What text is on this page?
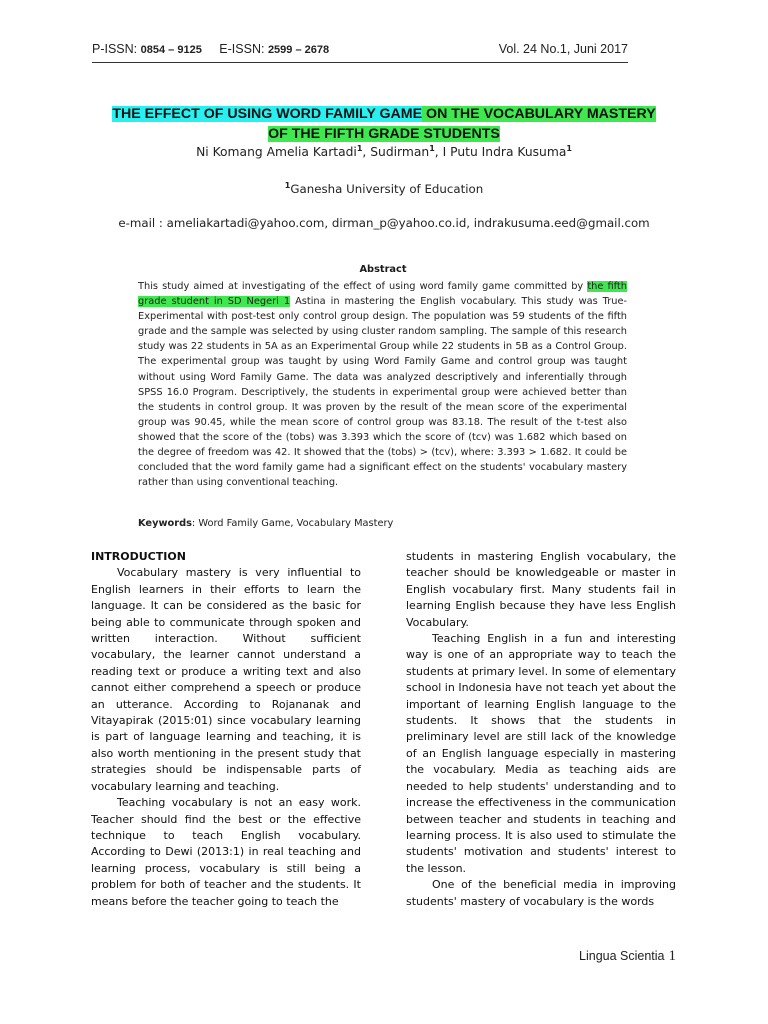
P-ISSN: 0854 – 9125 E-ISSN: 2599 – 2678	Vol. 24 No.1, Juni 2017
THE EFFECT OF USING WORD FAMILY GAME ON THE VOCABULARY MASTERY
OF THE FIFTH GRADE STUDENTS
Ni Komang Amelia Kartadi$^1$, Sudirman$^1$, I Putu Indra Kusuma$^1$
$^1$Ganesha University of Education
e-mail : ameliakartadi@yahoo.com, dirman_p@yahoo.co.id, indrakusuma.eed@gmail.com
Abstract
This study aimed at investigating of the effect of using word family game committed by the fifth grade student in SD Negeri 1 Astina in mastering the English vocabulary. This study was True-Experimental with post-test only control group design. The population was 59 students of the fifth grade and the sample was selected by using cluster random sampling. The sample of this research study was 22 students in 5A as an Experimental Group while 22 students in 5B as a Control Group. The experimental group was taught by using Word Family Game and control group was taught without using Word Family Game. The data was analyzed descriptively and inferentially through SPSS 16.0 Program. Descriptively, the students in experimental group were achieved better than the students in control group. It was proven by the result of the mean score of the experimental group was 90.45, while the mean score of control group was 83.18. The result of the t-test also showed that the score of the (tobs) was 3.393 which the score of (tcv) was 1.682 which based on the degree of freedom was 42. It showed that the (tobs) > (tcv), where: 3.393 > 1.682. It could be concluded that the word family game had a significant effect on the students' vocabulary mastery rather than using conventional teaching.
Keywords: Word Family Game, Vocabulary Mastery
INTRODUCTION

Vocabulary mastery is very influential to English learners in their efforts to learn the language. It can be considered as the basic for being able to communicate through spoken and written interaction. Without sufficient vocabulary, the learner cannot understand a reading text or produce a writing text and also cannot either comprehend a speech or produce an utterance. According to Rojananak and Vitayapirak (2015:01) since vocabulary learning is part of language learning and teaching, it is also worth mentioning in the present study that strategies should be indispensable parts of vocabulary learning and teaching.

Teaching vocabulary is not an easy work. Teacher should find the best or the effective technique to teach English vocabulary. According to Dewi (2013:1) in real teaching and learning process, vocabulary is still being a problem for both of teacher and the students. It means before the teacher going to teach the

students in mastering English vocabulary, the teacher should be knowledgeable or master in English vocabulary first. Many students fail in learning English because they have less English Vocabulary.

Teaching English in a fun and interesting way is one of an appropriate way to teach the students at primary level. In some of elementary school in Indonesia have not teach yet about the important of learning English language to the students. It shows that the students in preliminary level are still lack of the knowledge of an English language especially in mastering the vocabulary. Media as teaching aids are needed to help students' understanding and to increase the effectiveness in the communication between teacher and students in teaching and learning process. It is also used to stimulate the students' motivation and students' interest to the lesson.

One of the beneficial media in improving students' mastery of vocabulary is the words

Lingua Scientia 1
